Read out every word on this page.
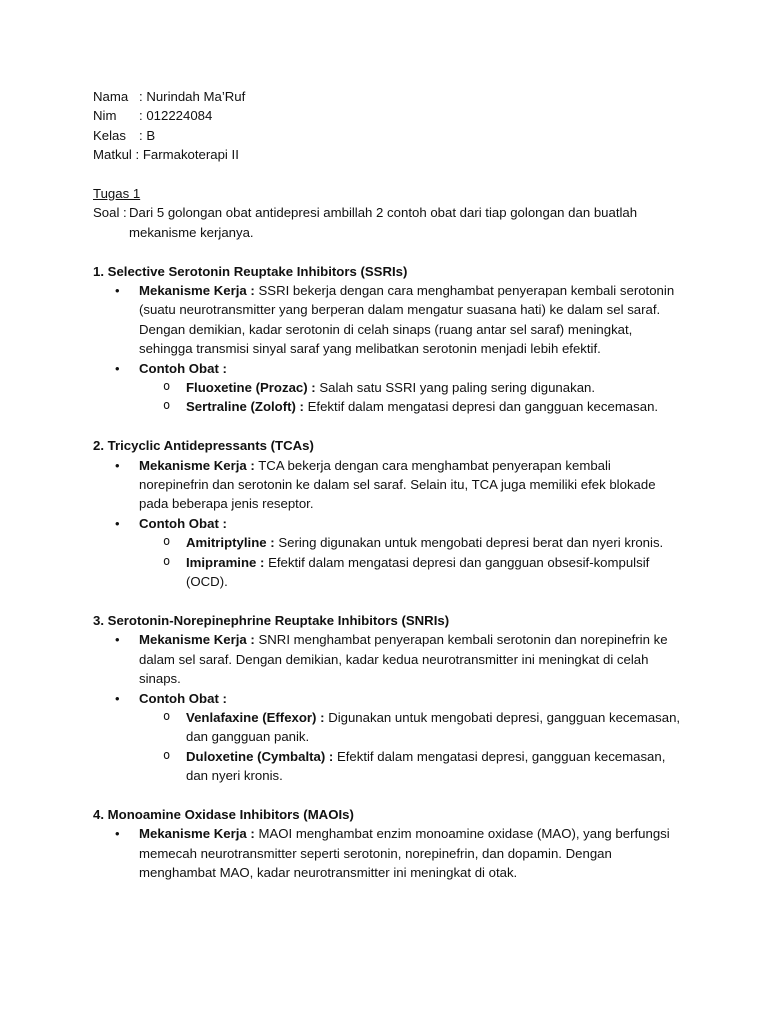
Nama : Nurindah Ma’Ruf
Nim : 012224084
Kelas : B
Matkul : Farmakoterapi II
Tugas 1
Soal : Dari 5 golongan obat antidepresi ambillah 2 contoh obat dari tiap golongan dan buatlah mekanisme kerjanya.
1. Selective Serotonin Reuptake Inhibitors (SSRIs)
• Mekanisme Kerja : SSRI bekerja dengan cara menghambat penyerapan kembali serotonin (suatu neurotransmitter yang berperan dalam mengatur suasana hati) ke dalam sel saraf. Dengan demikian, kadar serotonin di celah sinaps (ruang antar sel saraf) meningkat, sehingga transmisi sinyal saraf yang melibatkan serotonin menjadi lebih efektif.
• Contoh Obat :
o Fluoxetine (Prozac) : Salah satu SSRI yang paling sering digunakan.
o Sertraline (Zoloft) : Efektif dalam mengatasi depresi dan gangguan kecemasan.
2. Tricyclic Antidepressants (TCAs)
• Mekanisme Kerja : TCA bekerja dengan cara menghambat penyerapan kembali norepinefrin dan serotonin ke dalam sel saraf. Selain itu, TCA juga memiliki efek blokade pada beberapa jenis reseptor.
• Contoh Obat :
o Amitriptyline : Sering digunakan untuk mengobati depresi berat dan nyeri kronis.
o Imipramine : Efektif dalam mengatasi depresi dan gangguan obsesif-kompulsif (OCD).
3. Serotonin-Norepinephrine Reuptake Inhibitors (SNRIs)
• Mekanisme Kerja : SNRI menghambat penyerapan kembali serotonin dan norepinefrin ke dalam sel saraf. Dengan demikian, kadar kedua neurotransmitter ini meningkat di celah sinaps.
• Contoh Obat :
o Venlafaxine (Effexor) : Digunakan untuk mengobati depresi, gangguan kecemasan, dan gangguan panik.
o Duloxetine (Cymbalta) : Efektif dalam mengatasi depresi, gangguan kecemasan, dan nyeri kronis.
4. Monoamine Oxidase Inhibitors (MAOIs)
• Mekanisme Kerja : MAOI menghambat enzim monoamine oxidase (MAO), yang berfungsi memecah neurotransmitter seperti serotonin, norepinefrin, dan dopamin. Dengan menghambat MAO, kadar neurotransmitter ini meningkat di otak.
